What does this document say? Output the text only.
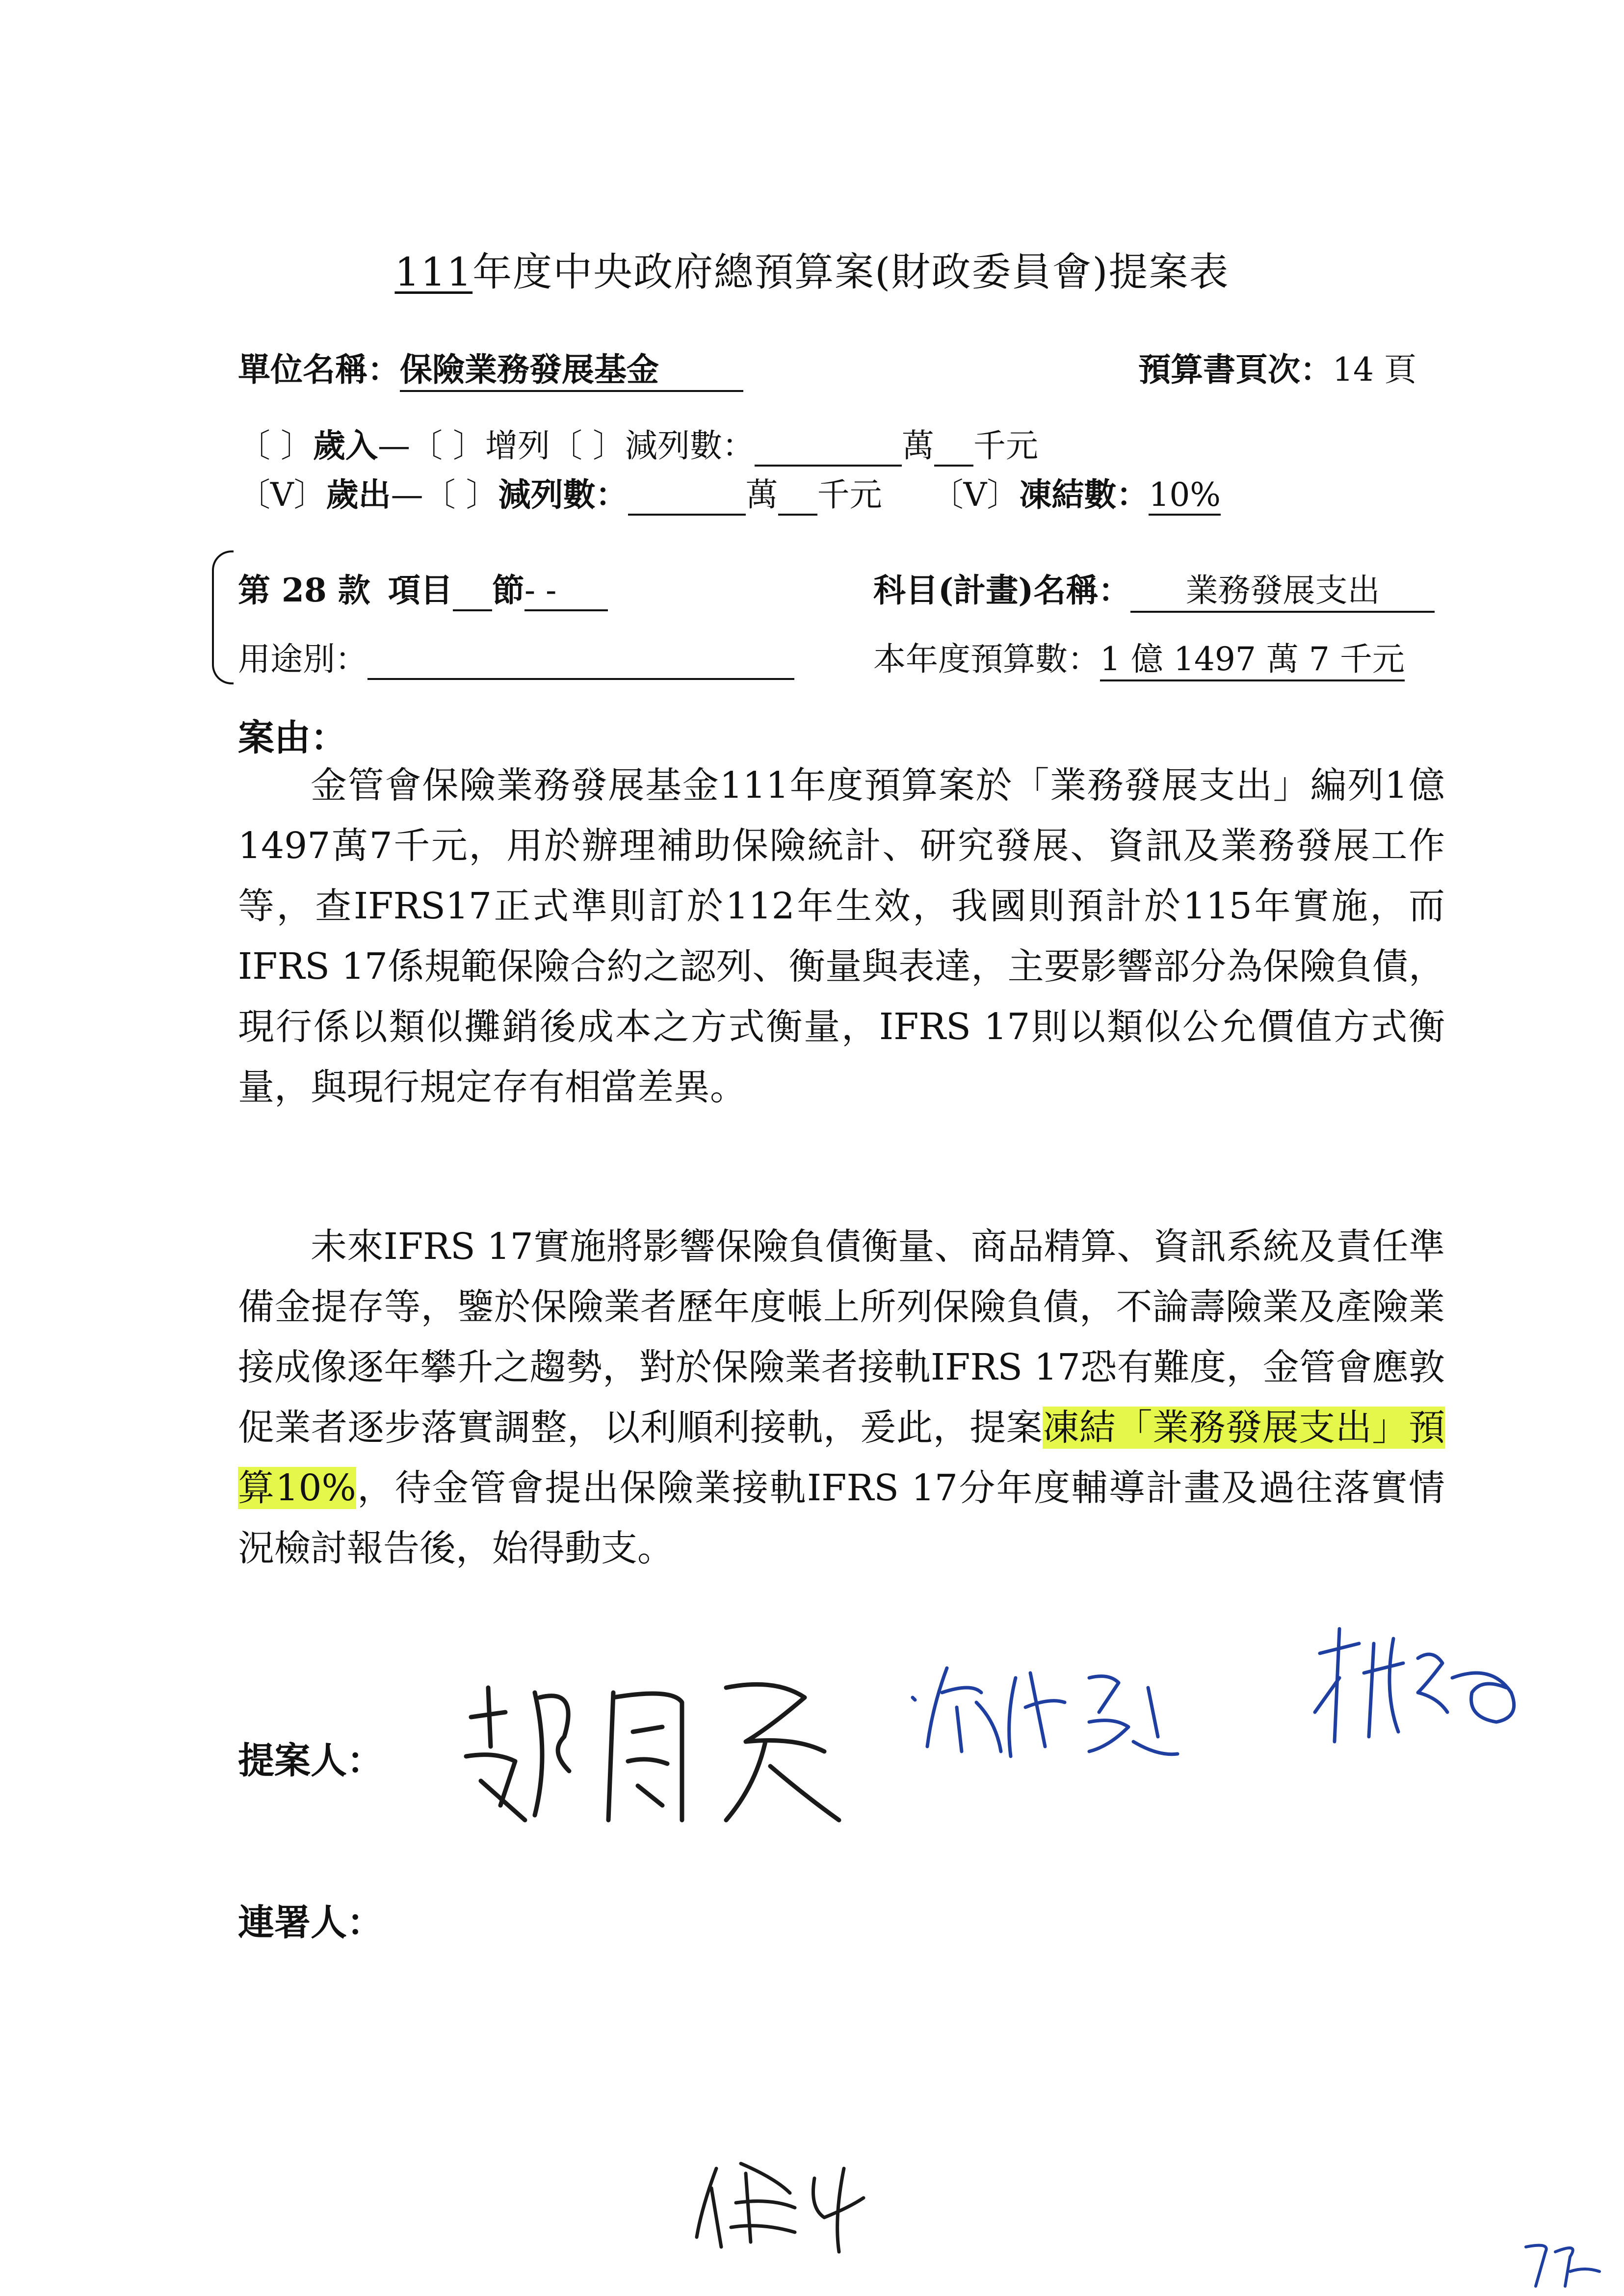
111年度中央政府總預算案(財政委員會)提案表
單位名稱：保險業務發展基金	預算書頁次：14 頁
〔 〕歲入—〔 〕增列〔 〕減列數：	萬 千元
〔V〕歲出—〔 〕減列數：	萬 千元 〔V〕凍結數：10%
第 28 款 項目 節- -	科目(計畫)名稱： 業務發展支出
用途別：	本年度預算數：1 億 1497 萬 7 千元
案由：
金管會保險業務發展基金111年度預算案於「業務發展支出」編列1億1497萬7千元，用於辦理補助保險統計、研究發展、資訊及業務發展工作等，查IFRS17正式準則訂於112年生效，我國則預計於115年實施，而IFRS 17係規範保險合約之認列、衡量與表達，主要影響部分為保險負債，現行係以類似攤銷後成本之方式衡量，IFRS 17則以類似公允價值方式衡量，與現行規定存有相當差異。
未來IFRS 17實施將影響保險負債衡量、商品精算、資訊系統及責任準備金提存等，鑒於保險業者歷年度帳上所列保險負債，不論壽險業及產險業接成像逐年攀升之趨勢，對於保險業者接軌IFRS 17恐有難度，金管會應敦促業者逐步落實調整，以利順利接軌，爰此，提案凍結「業務發展支出」預算10%，待金管會提出保險業接軌IFRS 17分年度輔導計畫及過往落實情況檢討報告後，始得動支。
提案人：
連署人：
